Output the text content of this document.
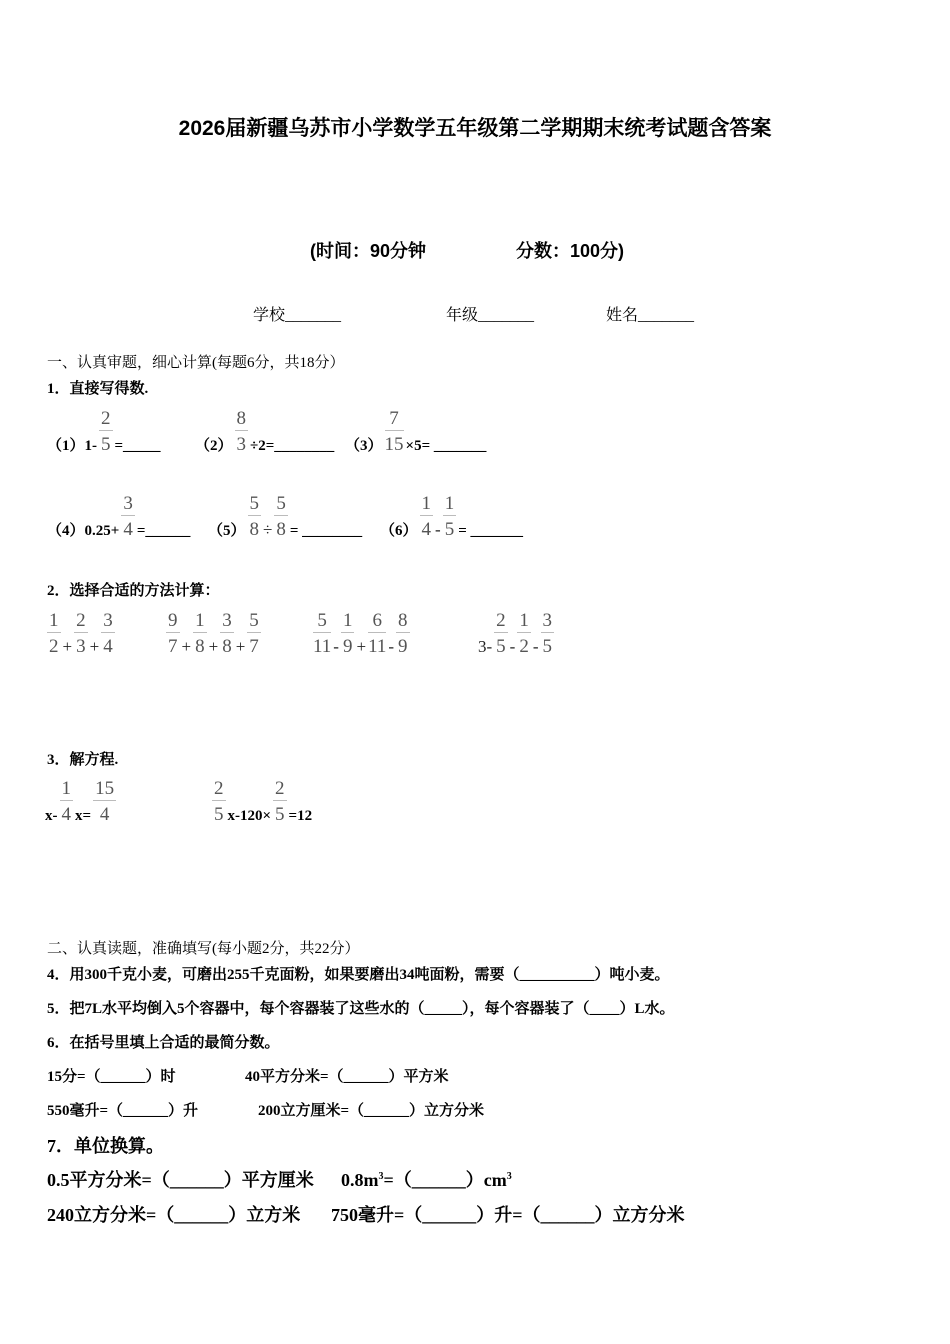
2026届新疆乌苏市小学数学五年级第二学期期末统考试题含答案
(时间：90分钟	分数：100分)
学校_______	年级_______	姓名_______
一、认真审题，细心计算(每题6分，共18分）
1．直接写得数.
$(1)1- \frac{2}{5}$ =_____ $(2) \frac{8}{3}$ ÷2=________ $(3) \frac{7}{15} \times 5=$ _______
$(4)0.25+ \frac{3}{4}$ =______ $(5) \frac{5}{8} \div \frac{5}{8}$ = ________ $(6) \frac{1}{4} - \frac{1}{5}$ = _______
2．选择合适的方法计算：
$\frac{1}{2} + \frac{2}{3} + \frac{3}{4}$	$\frac{9}{7} + \frac{1}{8} + \frac{3}{8} + \frac{5}{7}$	$\frac{5}{11} - \frac{1}{9} + \frac{6}{11} - \frac{8}{9}$	$3- \frac{2}{5} - \frac{1}{2} - \frac{3}{5}$
3．解方程.
$x- \frac{1}{4} x= \frac{15}{4}$	$\frac{2}{5} x-120\times \frac{2}{5} =12$
二、认真读题，准确填写(每小题2分，共22分）
4．用300千克小麦，可磨出255千克面粉，如果要磨出34吨面粉，需要（__________）吨小麦。
5．把7L水平均倒入5个容器中，每个容器装了这些水的（_____），每个容器装了（____）L水。
6．在括号里填上合适的最简分数。
15分=（______）时	40平方分米=（______）平方米
550毫升=（______）升	200立方厘米=（______）立方分米
7．单位换算。
0.5平方分米=（______）平方厘米 $0.8m^3=(\_\_\_\_\_\_)cm^3$
240立方分米=（______）立方米 750毫升=（______）升=（______）立方分米
